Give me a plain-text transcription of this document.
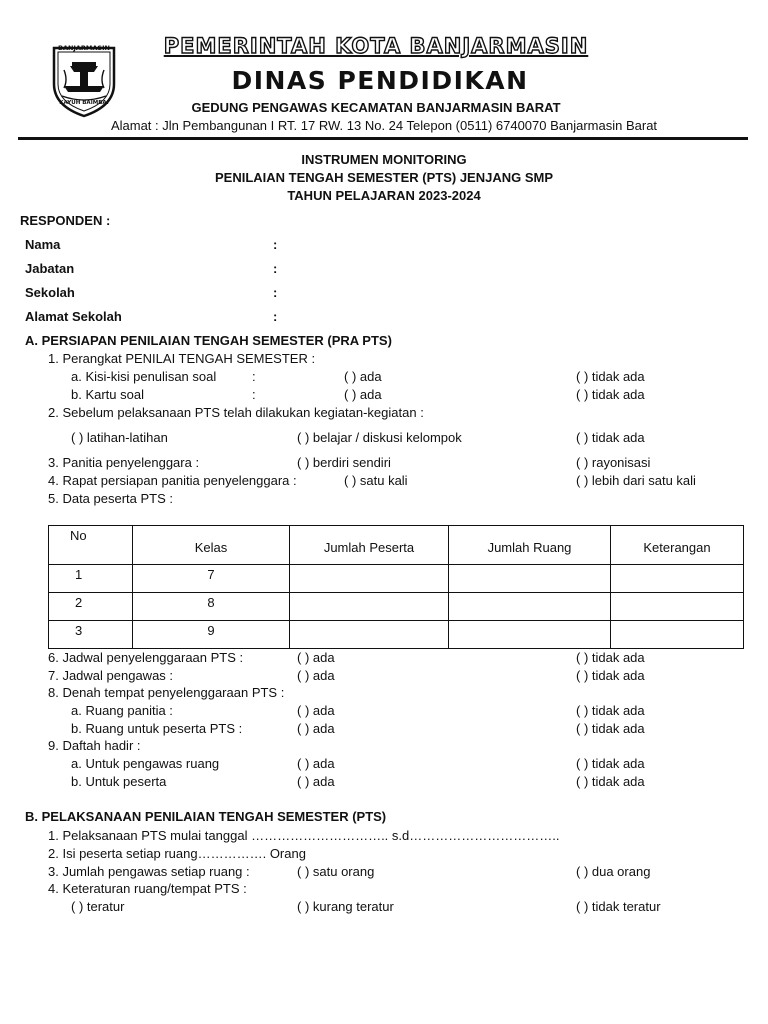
BANJARMASIN
KAYUH BAIMBAI
PEMERINTAH KOTA BANJARMASIN
DINAS PENDIDIKAN
GEDUNG PENGAWAS KECAMATAN BANJARMASIN BARAT
Alamat : Jln Pembangunan I RT. 17 RW. 13 No. 24 Telepon (0511) 6740070 Banjarmasin Barat
INSTRUMEN MONITORING
PENILAIAN TENGAH SEMESTER (PTS) JENJANG SMP
TAHUN PELAJARAN 2023-2024
RESPONDEN :
Nama	:
Jabatan	:
Sekolah	:
Alamat Sekolah	:
A. PERSIAPAN PENILAIAN TENGAH SEMESTER (PRA PTS)
1. Perangkat PENILAI TENGAH SEMESTER :
a. Kisi-kisi penulisan soal	:	( ) ada	( ) tidak ada
b. Kartu soal	:	( ) ada	( ) tidak ada
2. Sebelum pelaksanaan PTS telah dilakukan kegiatan-kegiatan :
( ) latihan-latihan	( ) belajar / diskusi kelompok	( ) tidak ada
3. Panitia penyelenggara :	( ) berdiri sendiri	( ) rayonisasi
4. Rapat persiapan panitia penyelenggara :	( ) satu kali	( ) lebih dari satu kali
5. Data peserta PTS :
No	Kelas	Jumlah Peserta	Jumlah Ruang	Keterangan
1	7			
2	8			
3	9			
6. Jadwal penyelenggaraan PTS :	( ) ada	( ) tidak ada
7. Jadwal pengawas :	( ) ada	( ) tidak ada
8. Denah tempat penyelenggaraan PTS :
a. Ruang panitia :	( ) ada	( ) tidak ada
b. Ruang untuk peserta PTS :	( ) ada	( ) tidak ada
9. Daftah hadir :
a. Untuk pengawas ruang	( ) ada	( ) tidak ada
b. Untuk peserta	( ) ada	( ) tidak ada
B. PELAKSANAAN PENILAIAN TENGAH SEMESTER (PTS)
1. Pelaksanaan PTS mulai tanggal ………………………….. s.d……………………………..
2. Isi peserta setiap ruang……………. Orang
3. Jumlah pengawas setiap ruang :	( ) satu orang	( ) dua orang
4. Keteraturan ruang/tempat PTS :
( ) teratur	( ) kurang teratur	( ) tidak teratur
